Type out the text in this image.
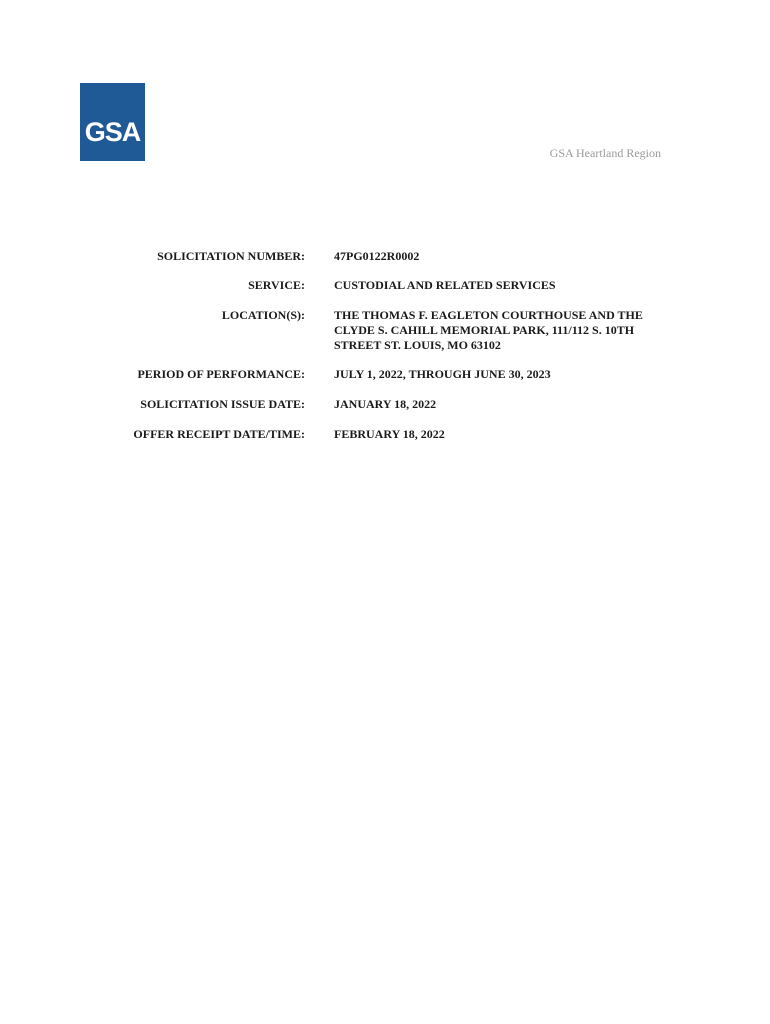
GSA
GSA Heartland Region
SOLICITATION NUMBER: 47PG0122R0002
SERVICE: CUSTODIAL AND RELATED SERVICES
LOCATION(S): THE THOMAS F. EAGLETON COURTHOUSE AND THE CLYDE S. CAHILL MEMORIAL PARK, 111/112 S. 10TH STREET ST. LOUIS, MO 63102
PERIOD OF PERFORMANCE: JULY 1, 2022, THROUGH JUNE 30, 2023
SOLICITATION ISSUE DATE: JANUARY 18, 2022
OFFER RECEIPT DATE/TIME: FEBRUARY 18, 2022
